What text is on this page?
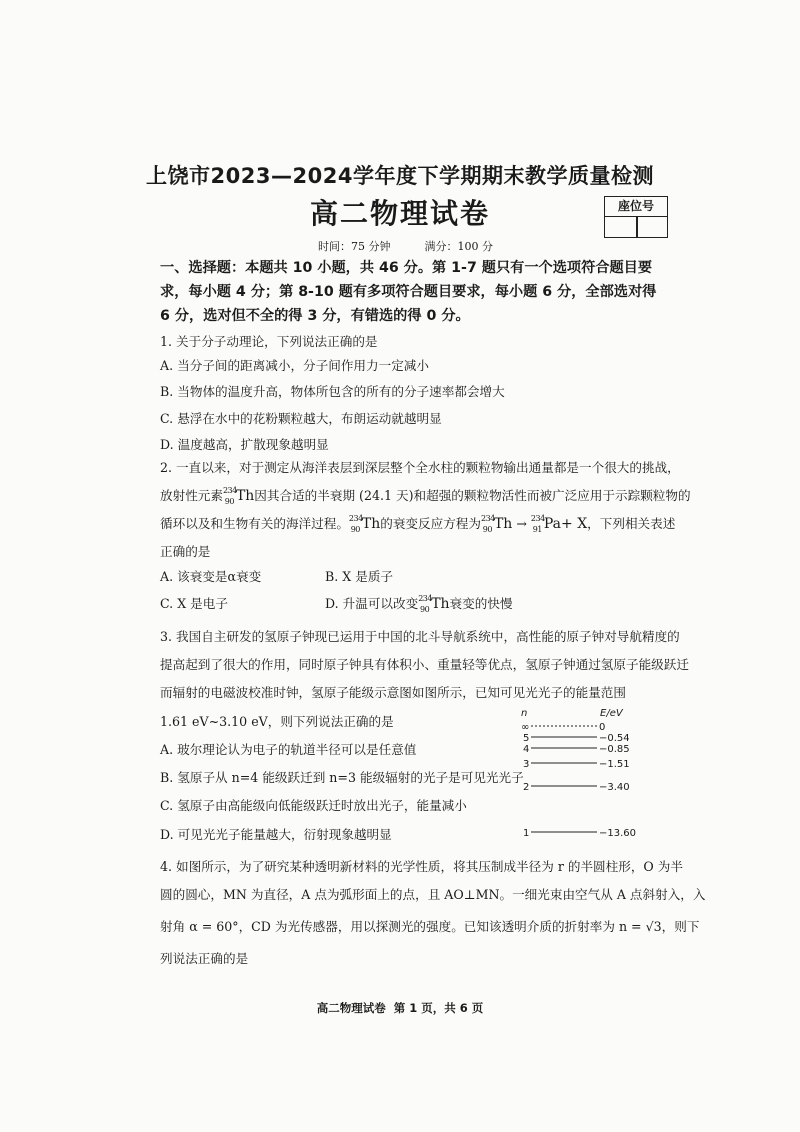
上饶市2023—2024学年度下学期期末教学质量检测
高二物理试卷	座位号
时间：75 分钟	满分：100 分
一、选择题：本题共 10 小题，共 46 分。第 1-7 题只有一个选项符合题目要求，每小题 4 分；第 8-10 题有多项符合题目要求，每小题 6 分，全部选对得 6 分，选对但不全的得 3 分，有错选的得 0 分。
1. 关于分子动理论，下列说法正确的是
A. 当分子间的距离减小，分子间作用力一定减小
B. 当物体的温度升高，物体所包含的所有的分子速率都会增大
C. 悬浮在水中的花粉颗粒越大，布朗运动就越明显
D. 温度越高，扩散现象越明显
2. 一直以来，对于测定从海洋表层到深层整个全水柱的颗粒物输出通量都是一个很大的挑战，
放射性元素$^{234}_{90}$ Th因其合适的半衰期 (24.1 天)和超强的颗粒物活性而被广泛应用于示踪颗粒物的
循环以及和生物有关的海洋过程。$^{234}_{90}$ Th的衰变反应方程为$^{234}_{90}$ Th → $^{234}_{91}$ Pa+ X，下列相关表述
正确的是
A. 该衰变是α衰变	B. X 是质子
C. X 是电子	D. 升温可以改变$^{234}_{90}$ Th衰变的快慢
3. 我国自主研发的氢原子钟现已运用于中国的北斗导航系统中，高性能的原子钟对导航精度的
提高起到了很大的作用，同时原子钟具有体积小、重量轻等优点，氢原子钟通过氢原子能级跃迁
而辐射的电磁波校准时钟，氢原子能级示意图如图所示，已知可见光光子的能量范围
1.61 eV~3.10 eV，则下列说法正确的是
A. 玻尔理论认为电子的轨道半径可以是任意值
B. 氢原子从 n=4 能级跃迁到 n=3 能级辐射的光子是可见光光子
C. 氢原子由高能级向低能级跃迁时放出光子，能量减小
D. 可见光光子能量越大，衍射现象越明显
n	E/eV
∞	0
5	−0.54
4	−0.85
3	−1.51
2	−3.40
1	−13.60
4. 如图所示，为了研究某种透明新材料的光学性质，将其压制成半径为 r 的半圆柱形，O 为半
圆的圆心，MN 为直径，A 点为弧形面上的点，且 AO⊥MN。一细光束由空气从 A 点斜射入，入
射角 α = 60°，CD 为光传感器，用以探测光的强度。已知该透明介质的折射率为 n = √3，则下
列说法正确的是
高二物理试卷 第 1 页，共 6 页
